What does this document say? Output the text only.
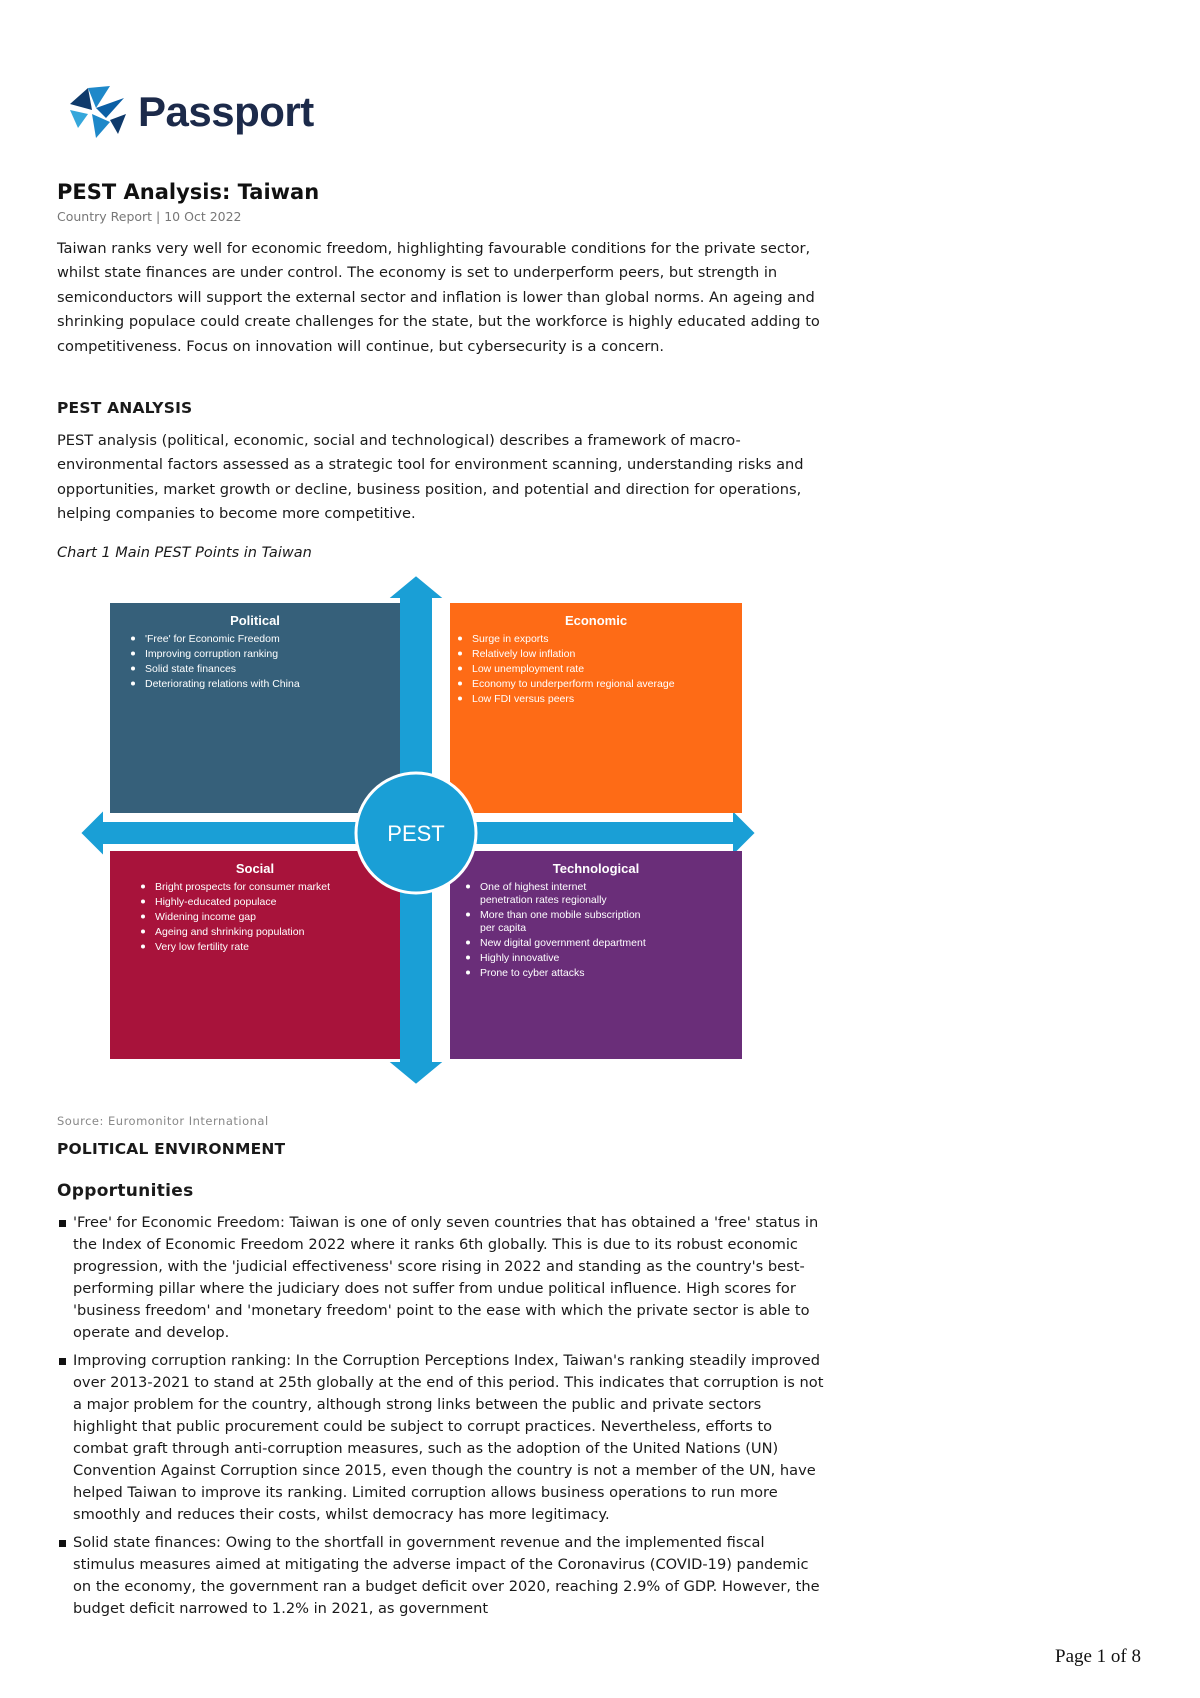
Passport
PEST Analysis: Taiwan
Country Report | 10 Oct 2022

Taiwan ranks very well for economic freedom, highlighting favourable conditions for the private sector, whilst state finances are under control. The economy is set to underperform peers, but strength in semiconductors will support the external sector and inflation is lower than global norms. An ageing and shrinking populace could create challenges for the state, but the workforce is highly educated adding to competitiveness. Focus on innovation will continue, but cybersecurity is a concern.

PEST ANALYSIS

PEST analysis (political, economic, social and technological) describes a framework of macro-environmental factors assessed as a strategic tool for environment scanning, understanding risks and opportunities, market growth or decline, business position, and potential and direction for operations, helping companies to become more competitive.

Chart 1 Main PEST Points in Taiwan
Political
'Free' for Economic Freedom
Improving corruption ranking
Solid state finances
Deteriorating relations with China
Economic
Surge in exports
Relatively low inflation
Low unemployment rate
Economy to underperform regional average
Low FDI versus peers
Social
Bright prospects for consumer market
Highly-educated populace
Widening income gap
Ageing and shrinking population
Very low fertility rate
Technological
One of highest internet penetration rates regionally
More than one mobile subscription per capita
New digital government department
Highly innovative
Prone to cyber attacks
PEST
Source: Euromonitor International
POLITICAL ENVIRONMENT
Opportunities
'Free' for Economic Freedom: Taiwan is one of only seven countries that has obtained a 'free' status in the Index of Economic Freedom 2022 where it ranks 6th globally. This is due to its robust economic progression, with the 'judicial effectiveness' score rising in 2022 and standing as the country's best-performing pillar where the judiciary does not suffer from undue political influence. High scores for 'business freedom' and 'monetary freedom' point to the ease with which the private sector is able to operate and develop.
Improving corruption ranking: In the Corruption Perceptions Index, Taiwan's ranking steadily improved over 2013-2021 to stand at 25th globally at the end of this period. This indicates that corruption is not a major problem for the country, although strong links between the public and private sectors highlight that public procurement could be subject to corrupt practices. Nevertheless, efforts to combat graft through anti-corruption measures, such as the adoption of the United Nations (UN) Convention Against Corruption since 2015, even though the country is not a member of the UN, have helped Taiwan to improve its ranking. Limited corruption allows business operations to run more smoothly and reduces their costs, whilst democracy has more legitimacy.
Solid state finances: Owing to the shortfall in government revenue and the implemented fiscal stimulus measures aimed at mitigating the adverse impact of the Coronavirus (COVID-19) pandemic on the economy, the government ran a budget deficit over 2020, reaching 2.9% of GDP. However, the budget deficit narrowed to 1.2% in 2021, as government
Page 1 of 8
